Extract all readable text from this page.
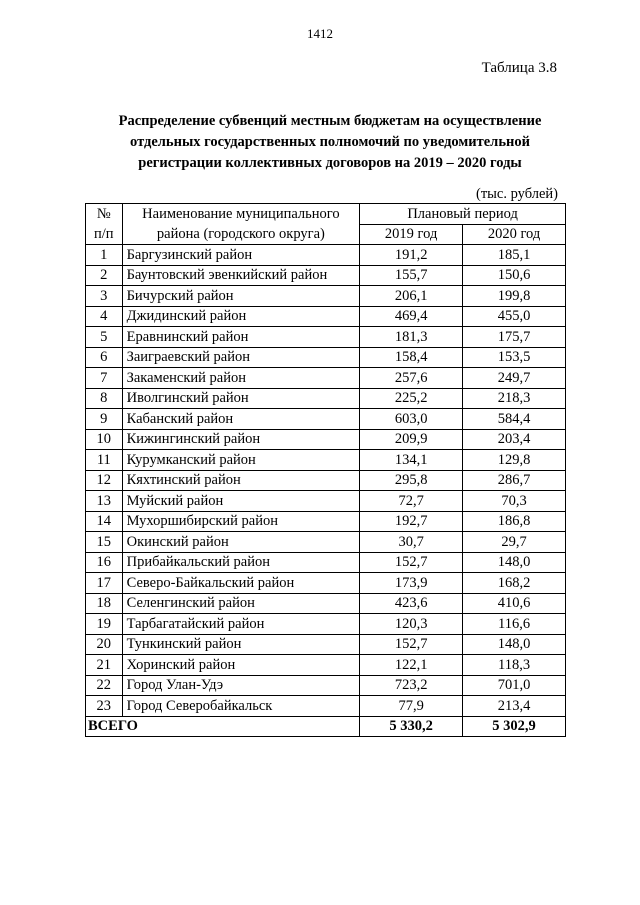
1412
Таблица 3.8
Распределение субвенций местным бюджетам на осуществление
отдельных государственных полномочий по уведомительной
регистрации коллективных договоров на 2019 – 2020 годы
(тыс. рублей)
№	Наименование муниципального	Плановый период	
п/п	района (городского округа)	2019 год	2020 год
1	Баргузинский район	191,2	185,1
2	Баунтовский эвенкийский район	155,7	150,6
3	Бичурский район	206,1	199,8
4	Джидинский район	469,4	455,0
5	Еравнинский район	181,3	175,7
6	Заиграевский район	158,4	153,5
7	Закаменский район	257,6	249,7
8	Иволгинский район	225,2	218,3
9	Кабанский район	603,0	584,4
10	Кижингинский район	209,9	203,4
11	Курумканский район	134,1	129,8
12	Кяхтинский район	295,8	286,7
13	Муйский район	72,7	70,3
14	Мухоршибирский район	192,7	186,8
15	Окинский район	30,7	29,7
16	Прибайкальский район	152,7	148,0
17	Северо-Байкальский район	173,9	168,2
18	Селенгинский район	423,6	410,6
19	Тарбагатайский район	120,3	116,6
20	Тункинский район	152,7	148,0
21	Хоринский район	122,1	118,3
22	Город Улан-Удэ	723,2	701,0
23	Город Северобайкальск	77,9	213,4
ВСЕГО		5 330,2	5 302,9
